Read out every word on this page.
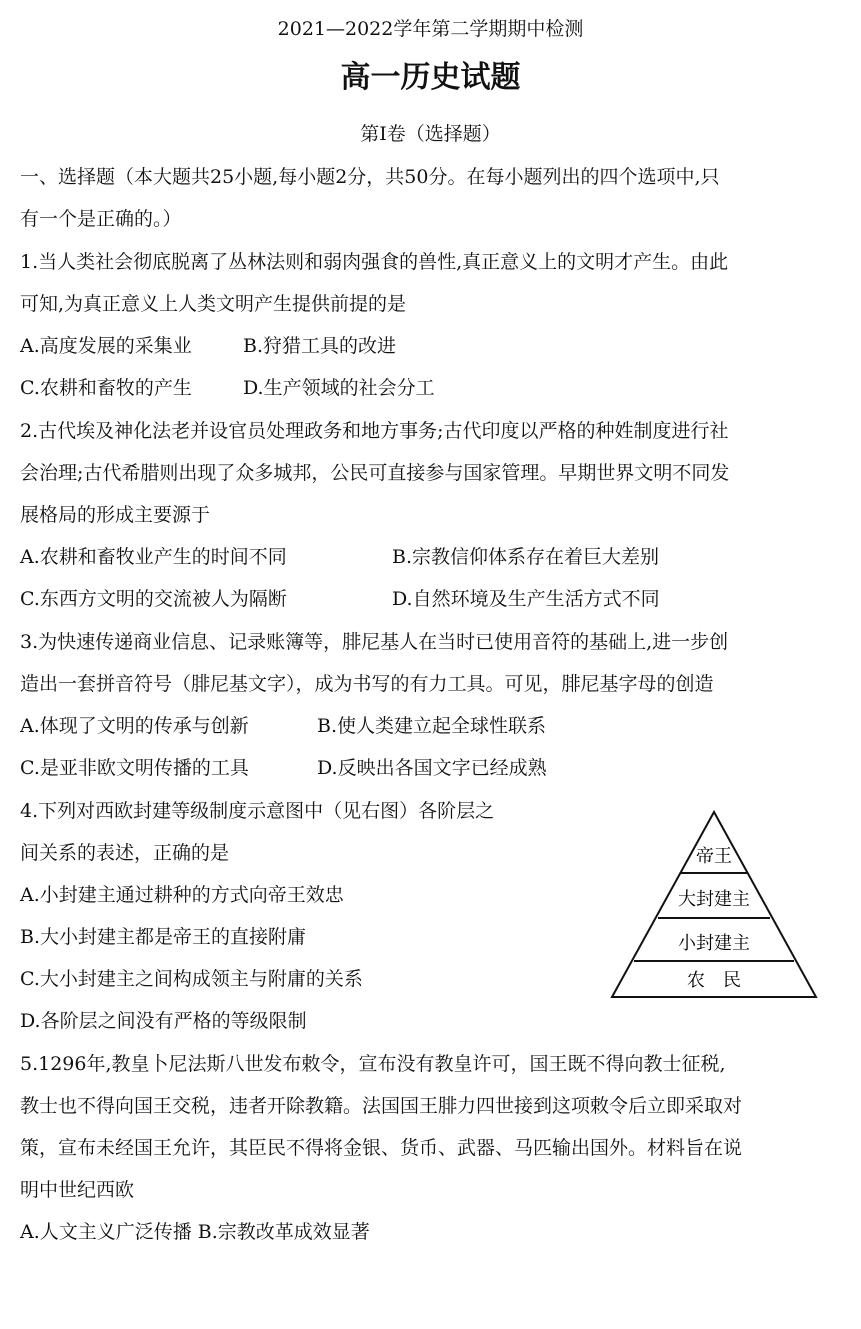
2021—2022学年第二学期期中检测
高一历史试题
第Ⅰ卷（选择题）
一、选择题（本大题共25小题,每小题2分，共50分。在每小题列出的四个选项中,只
有一个是正确的。）
1.当人类社会彻底脱离了丛林法则和弱肉强食的兽性,真正意义上的文明才产生。由此
可知,为真正意义上人类文明产生提供前提的是
A.高度发展的采集业	B.狩猎工具的改进
C.农耕和畜牧的产生	D.生产领域的社会分工
2.古代埃及神化法老并设官员处理政务和地方事务;古代印度以严格的种姓制度进行社
会治理;古代希腊则出现了众多城邦，公民可直接参与国家管理。早期世界文明不同发
展格局的形成主要源于
A.农耕和畜牧业产生的时间不同	B.宗教信仰体系存在着巨大差别
C.东西方文明的交流被人为隔断	D.自然环境及生产生活方式不同
3.为快速传递商业信息、记录账簿等，腓尼基人在当时已使用音符的基础上,进一步创
造出一套拼音符号（腓尼基文字），成为书写的有力工具。可见，腓尼基字母的创造
A.体现了文明的传承与创新	B.使人类建立起全球性联系
C.是亚非欧文明传播的工具	D.反映出各国文字已经成熟
4.下列对西欧封建等级制度示意图中（见右图）各阶层之
间关系的表述，正确的是
A.小封建主通过耕种的方式向帝王效忠
B.大小封建主都是帝王的直接附庸
C.大小封建主之间构成领主与附庸的关系
D.各阶层之间没有严格的等级限制
帝王
大封建主
小封建主
农　民
5.1296年,教皇卜尼法斯八世发布敕令，宣布没有教皇许可，国王既不得向教士征税,
教士也不得向国王交税，违者开除教籍。法国国王腓力四世接到这项敕令后立即采取对
策，宣布未经国王允许，其臣民不得将金银、货币、武器、马匹输出国外。材料旨在说
明中世纪西欧
A.人文主义广泛传播 B.宗教改革成效显著
